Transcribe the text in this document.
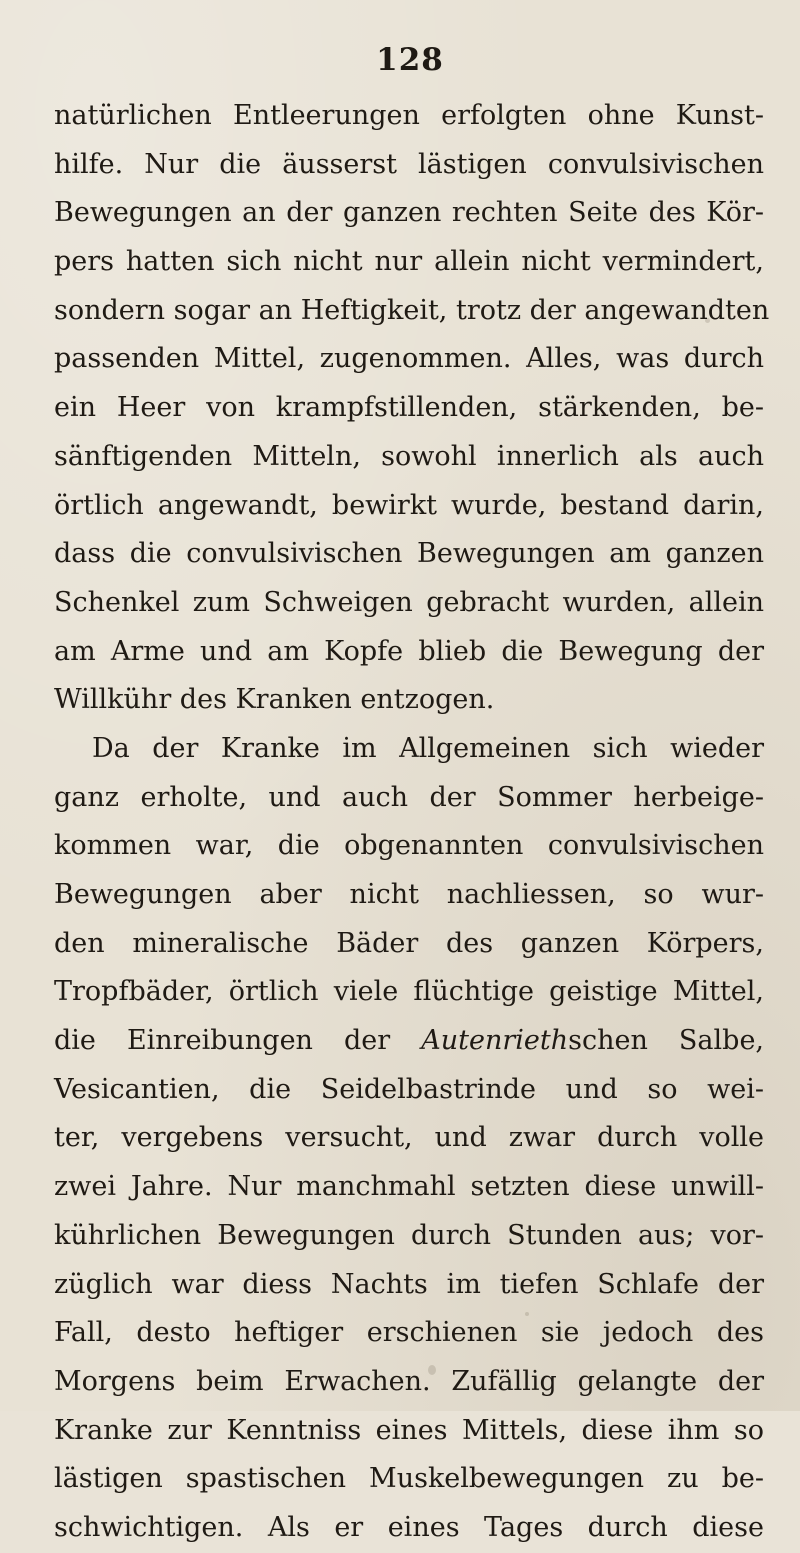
128
natürlichen Entleerungen erfolgten ohne Kunst-
hilfe. Nur die äusserst lästigen convulsivischen
Bewegungen an der ganzen rechten Seite des Kör-
pers hatten sich nicht nur allein nicht vermindert,
sondern sogar an Heftigkeit, trotz der angewandten
passenden Mittel, zugenommen. Alles, was durch
ein Heer von krampfstillenden, stärkenden, be-
sänftigenden Mitteln, sowohl innerlich als auch
örtlich angewandt, bewirkt wurde, bestand darin,
dass die convulsivischen Bewegungen am ganzen
Schenkel zum Schweigen gebracht wurden, allein
am Arme und am Kopfe blieb die Bewegung der
Willkühr des Kranken entzogen.
Da der Kranke im Allgemeinen sich wieder
ganz erholte, und auch der Sommer herbeige-
kommen war, die obgenannten convulsivischen
Bewegungen aber nicht nachliessen, so wur-
den mineralische Bäder des ganzen Körpers,
Tropfbäder, örtlich viele flüchtige geistige Mittel,
die Einreibungen der Autenriethschen Salbe,
Vesicantien, die Seidelbastrinde und so wei-
ter, vergebens versucht, und zwar durch volle
zwei Jahre. Nur manchmahl setzten diese unwill-
kührlichen Bewegungen durch Stunden aus; vor-
züglich war diess Nachts im tiefen Schlafe der
Fall, desto heftiger erschienen sie jedoch des
Morgens beim Erwachen. Zufällig gelangte der
Kranke zur Kenntniss eines Mittels, diese ihm so
lästigen spastischen Muskelbewegungen zu be-
schwichtigen. Als er eines Tages durch diese
